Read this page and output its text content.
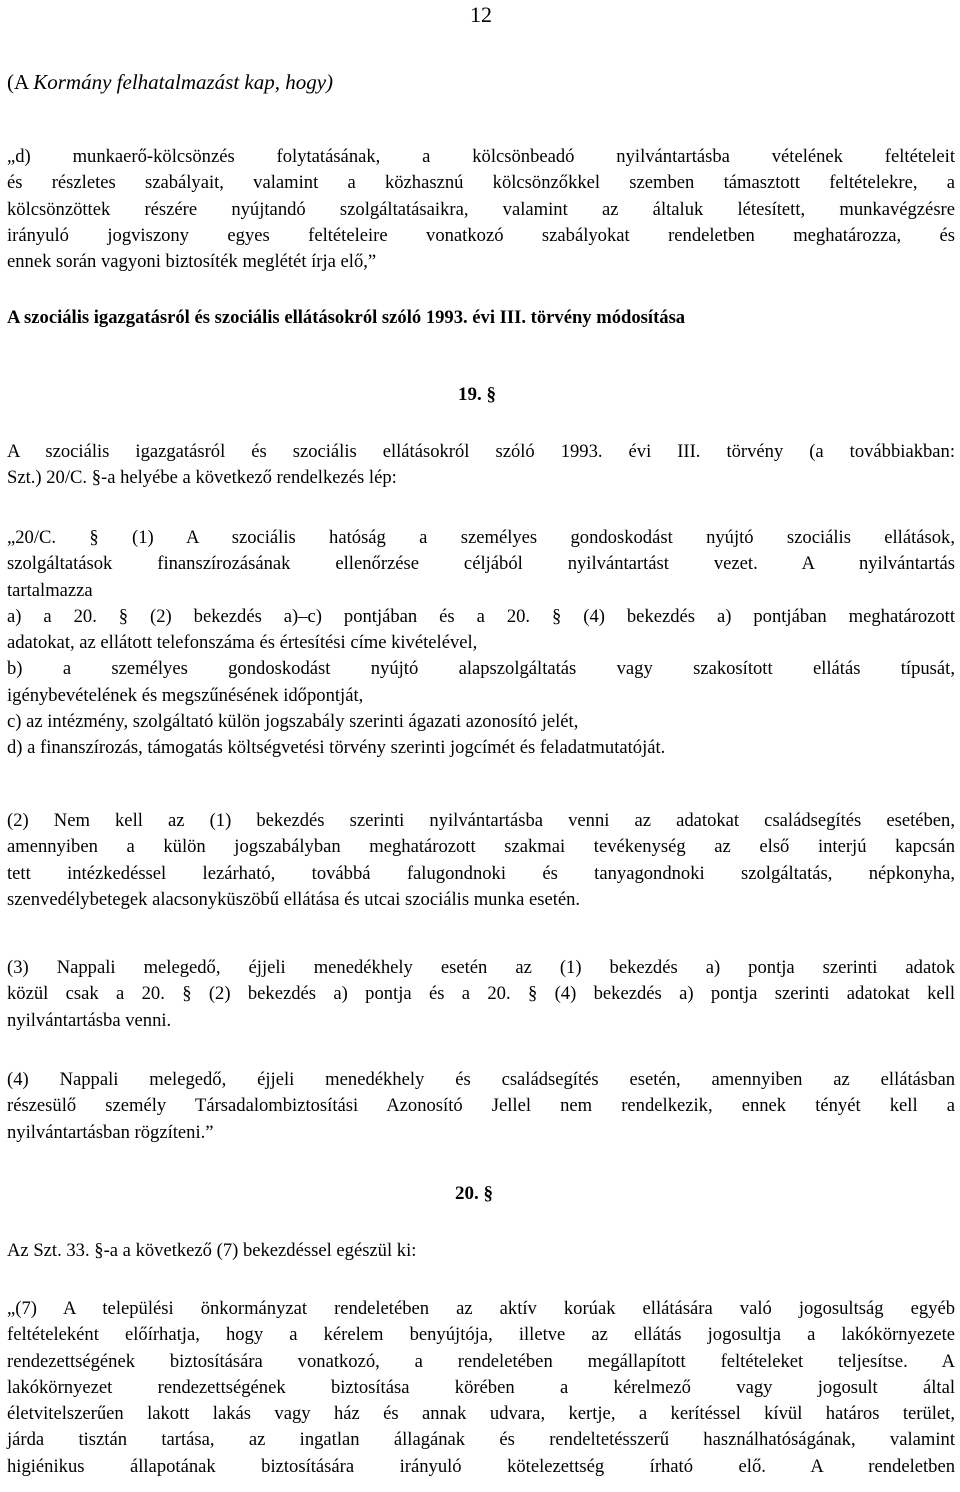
12
(A Kormány felhatalmazást kap, hogy)
„d) munkaerő-kölcsönzés folytatásának, a kölcsönbeadó nyilvántartásba vételének feltételeit
és részletes szabályait, valamint a közhasznú kölcsönzőkkel szemben támasztott feltételekre, a
kölcsönzöttek részére nyújtandó szolgáltatásaikra, valamint az általuk létesített, munkavégzésre
irányuló jogviszony egyes feltételeire vonatkozó szabályokat rendeletben meghatározza, és
ennek során vagyoni biztosíték meglétét írja elő,”
A szociális igazgatásról és szociális ellátásokról szóló 1993. évi III. törvény módosítása
19. §
A szociális igazgatásról és szociális ellátásokról szóló 1993. évi III. törvény (a továbbiakban:
Szt.) 20/C. §-a helyébe a következő rendelkezés lép:
„20/C. § (1) A szociális hatóság a személyes gondoskodást nyújtó szociális ellátások,
szolgáltatások finanszírozásának ellenőrzése céljából nyilvántartást vezet. A nyilvántartás
tartalmazza
a) a 20. § (2) bekezdés a)–c) pontjában és a 20. § (4) bekezdés a) pontjában meghatározott
adatokat, az ellátott telefonszáma és értesítési címe kivételével,
b) a személyes gondoskodást nyújtó alapszolgáltatás vagy szakosított ellátás típusát,
igénybevételének és megszűnésének időpontját,
c) az intézmény, szolgáltató külön jogszabály szerinti ágazati azonosító jelét,
d) a finanszírozás, támogatás költségvetési törvény szerinti jogcímét és feladatmutatóját.
(2) Nem kell az (1) bekezdés szerinti nyilvántartásba venni az adatokat családsegítés esetében,
amennyiben a külön jogszabályban meghatározott szakmai tevékenység az első interjú kapcsán
tett intézkedéssel lezárható, továbbá falugondnoki és tanyagondnoki szolgáltatás, népkonyha,
szenvedélybetegek alacsonyküszöbű ellátása és utcai szociális munka esetén.
(3) Nappali melegedő, éjjeli menedékhely esetén az (1) bekezdés a) pontja szerinti adatok
közül csak a 20. § (2) bekezdés a) pontja és a 20. § (4) bekezdés a) pontja szerinti adatokat kell
nyilvántartásba venni.
(4) Nappali melegedő, éjjeli menedékhely és családsegítés esetén, amennyiben az ellátásban
részesülő személy Társadalombiztosítási Azonosító Jellel nem rendelkezik, ennek tényét kell a
nyilvántartásban rögzíteni.”
20. §
Az Szt. 33. §-a a következő (7) bekezdéssel egészül ki:
„(7) A települési önkormányzat rendeletében az aktív korúak ellátására való jogosultság egyéb
feltételeként előírhatja, hogy a kérelem benyújtója, illetve az ellátás jogosultja a lakókörnyezete
rendezettségének biztosítására vonatkozó, a rendeletében megállapított feltételeket teljesítse. A
lakókörnyezet rendezettségének biztosítása körében a kérelmező vagy jogosult által
életvitelszerűen lakott lakás vagy ház és annak udvara, kertje, a kerítéssel kívül határos terület,
járda tisztán tartása, az ingatlan állagának és rendeltetésszerű használhatóságának, valamint
higiénikus állapotának biztosítására irányuló kötelezettség írható elő. A rendeletben
